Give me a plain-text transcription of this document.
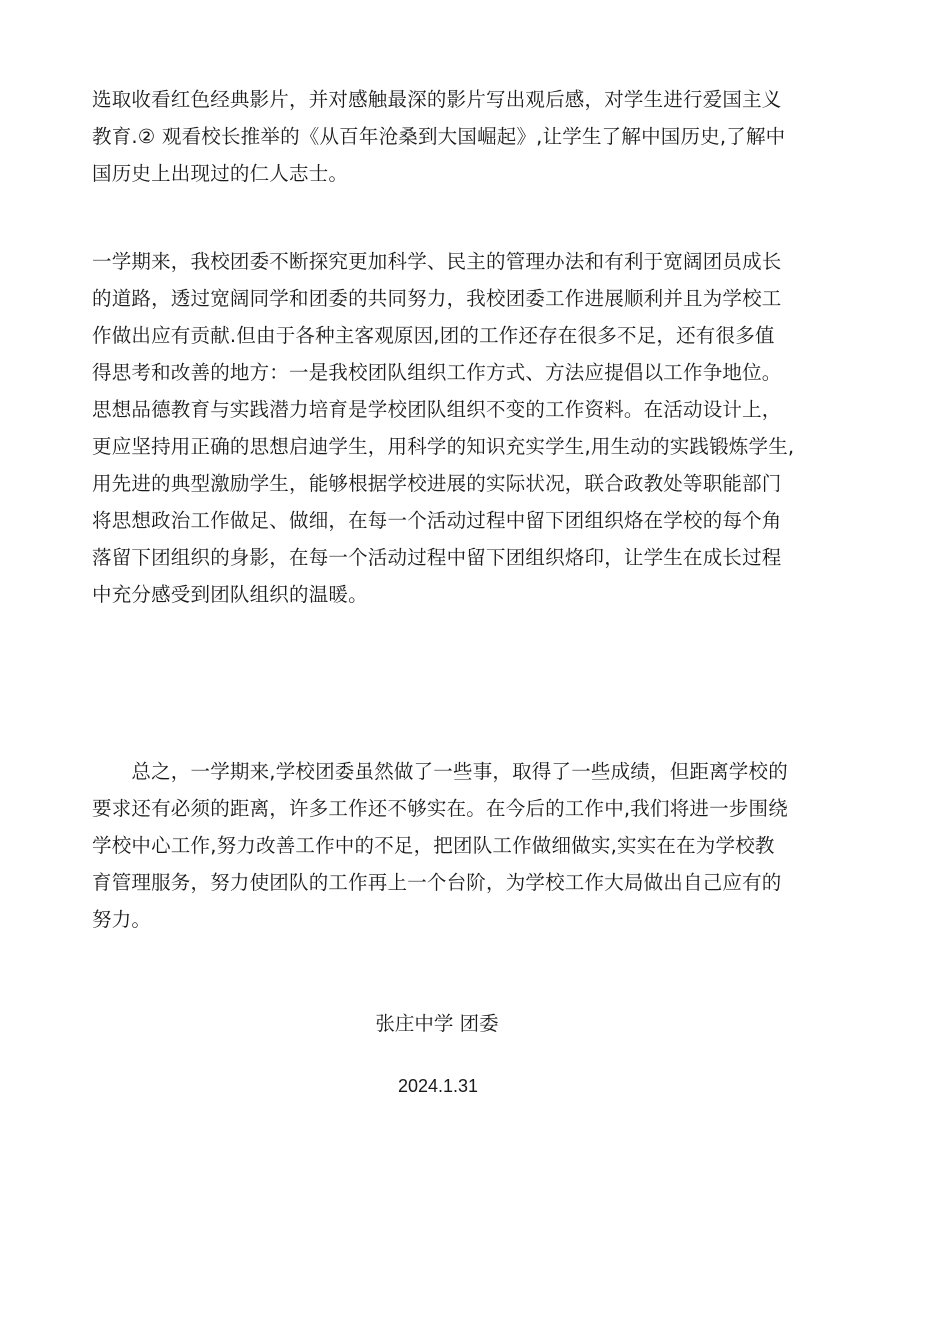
选取收看红色经典影片，并对感触最深的影片写出观后感，对学生进行爱国主义
教育.② 观看校长推举的《从百年沧桑到大国崛起》,让学生了解中国历史,了解中
国历史上出现过的仁人志士。

一学期来，我校团委不断探究更加科学、民主的管理办法和有利于宽阔团员成长
的道路，透过宽阔同学和团委的共同努力，我校团委工作进展顺利并且为学校工
作做出应有贡献.但由于各种主客观原因,团的工作还存在很多不足，还有很多值
得思考和改善的地方：一是我校团队组织工作方式、方法应提倡以工作争地位。
思想品德教育与实践潜力培育是学校团队组织不变的工作资料。在活动设计上，
更应坚持用正确的思想启迪学生，用科学的知识充实学生,用生动的实践锻炼学生,
用先进的典型激励学生，能够根据学校进展的实际状况，联合政教处等职能部门
将思想政治工作做足、做细，在每一个活动过程中留下团组织烙在学校的每个角
落留下团组织的身影，在每一个活动过程中留下团组织烙印，让学生在成长过程
中充分感受到团队组织的温暖。

　　总之，一学期来,学校团委虽然做了一些事，取得了一些成绩，但距离学校的
要求还有必须的距离，许多工作还不够实在。在今后的工作中,我们将进一步围绕
学校中心工作,努力改善工作中的不足，把团队工作做细做实,实实在在为学校教
育管理服务，努力使团队的工作再上一个台阶，为学校工作大局做出自己应有的
努力。

张庄中学 团委

2024.1.31
